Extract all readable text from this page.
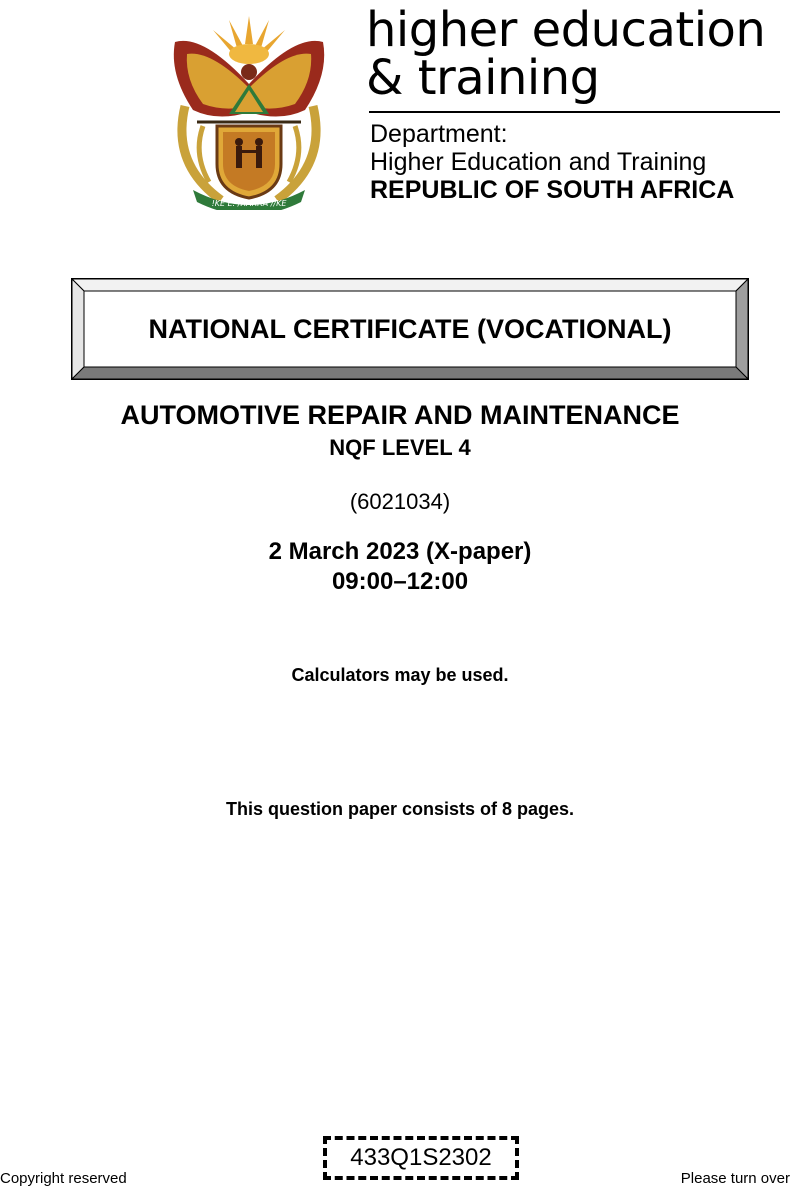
!KE E: /XARRA //KE
higher education
& training
Department:
Higher Education and Training
REPUBLIC OF SOUTH AFRICA
NATIONAL CERTIFICATE (VOCATIONAL)
AUTOMOTIVE REPAIR AND MAINTENANCE
NQF LEVEL 4
(6021034)
2 March 2023 (X-paper)
09:00–12:00
Calculators may be used.
This question paper consists of 8 pages.
Copyright reserved
433Q1S2302
Please turn over
